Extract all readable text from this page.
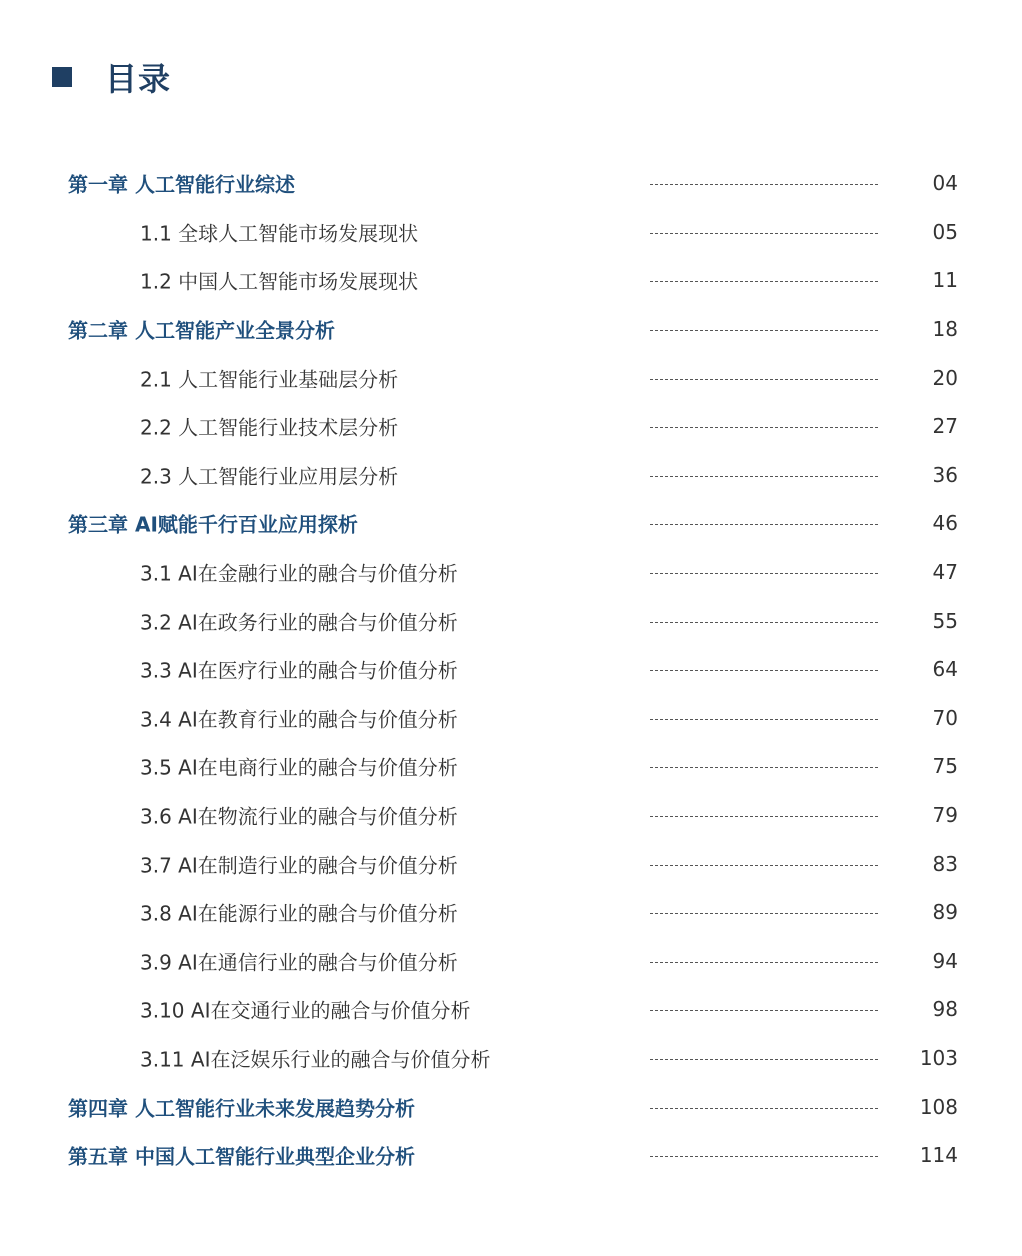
目录
第一章 人工智能行业综述	04
1.1 全球人工智能市场发展现状	05
1.2 中国人工智能市场发展现状	11
第二章 人工智能产业全景分析	18
2.1 人工智能行业基础层分析	20
2.2 人工智能行业技术层分析	27
2.3 人工智能行业应用层分析	36
第三章 AI赋能千行百业应用探析	46
3.1 AI在金融行业的融合与价值分析	47
3.2 AI在政务行业的融合与价值分析	55
3.3 AI在医疗行业的融合与价值分析	64
3.4 AI在教育行业的融合与价值分析	70
3.5 AI在电商行业的融合与价值分析	75
3.6 AI在物流行业的融合与价值分析	79
3.7 AI在制造行业的融合与价值分析	83
3.8 AI在能源行业的融合与价值分析	89
3.9 AI在通信行业的融合与价值分析	94
3.10 AI在交通行业的融合与价值分析	98
3.11 AI在泛娱乐行业的融合与价值分析	103
第四章 人工智能行业未来发展趋势分析	108
第五章 中国人工智能行业典型企业分析	114
